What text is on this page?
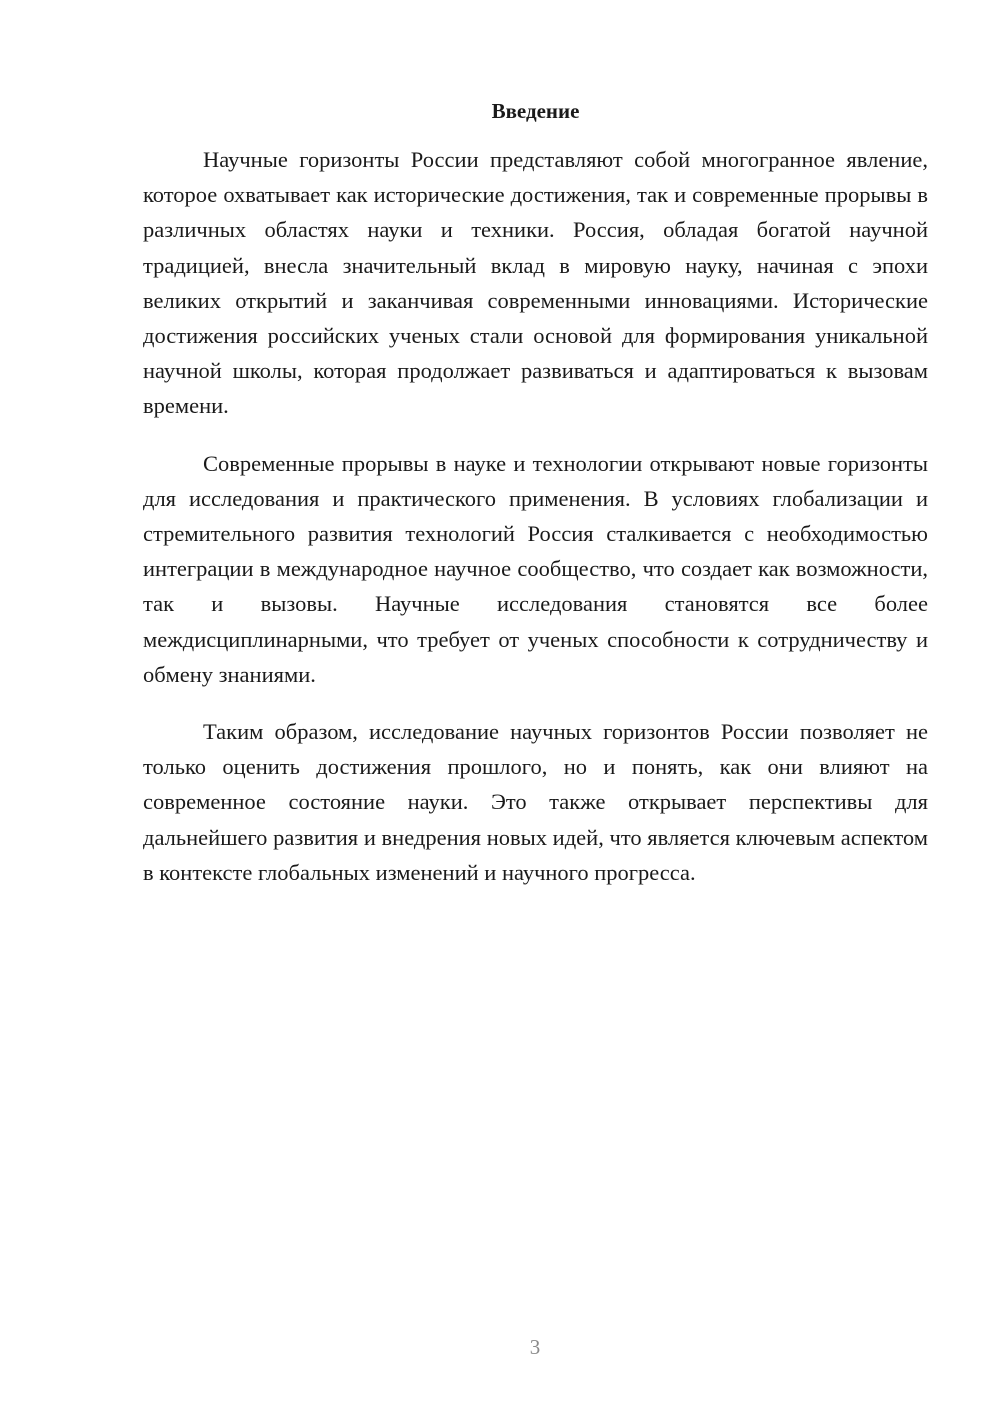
Введение

Научные горизонты России представляют собой многогранное явление, которое охватывает как исторические достижения, так и современные прорывы в различных областях науки и техники. Россия, обладая богатой научной традицией, внесла значительный вклад в мировую науку, начиная с эпохи великих открытий и заканчивая современными инновациями. Исторические достижения российских ученых стали основой для формирования уникальной научной школы, которая продолжает развиваться и адаптироваться к вызовам времени.

Современные прорывы в науке и технологии открывают новые горизонты для исследования и практического применения. В условиях глобализации и стремительного развития технологий Россия сталкивается с необходимостью интеграции в международное научное сообщество, что создает как возможности, так и вызовы. Научные исследования становятся все более междисциплинарными, что требует от ученых способности к сотрудничеству и обмену знаниями.

Таким образом, исследование научных горизонтов России позволяет не только оценить достижения прошлого, но и понять, как они влияют на современное состояние науки. Это также открывает перспективы для дальнейшего развития и внедрения новых идей, что является ключевым аспектом в контексте глобальных изменений и научного прогресса.

3
